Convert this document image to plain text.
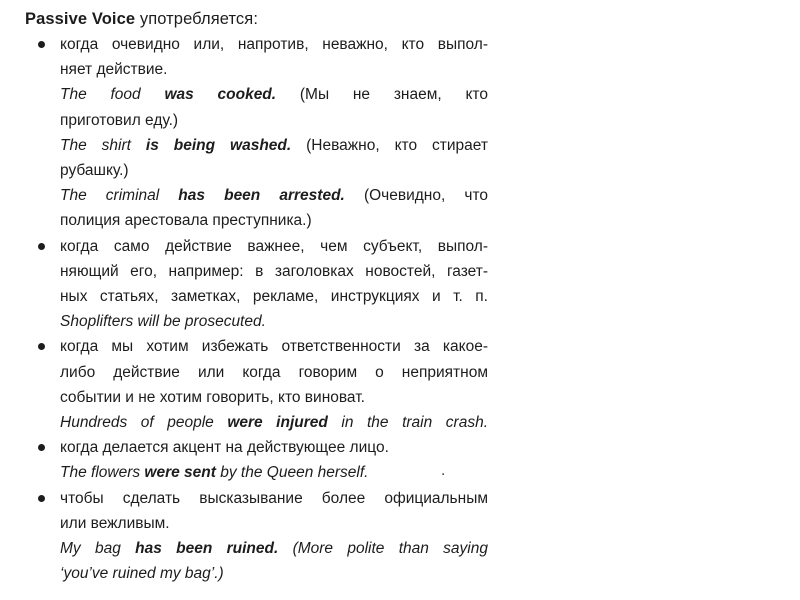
Passive Voice употребляется:
когда очевидно или, напротив, неважно, кто выпол-
няет действие.
The food was cooked. (Мы не знаем, кто
приготовил еду.)
The shirt is being washed. (Неважно, кто стирает
рубашку.)
The criminal has been arrested. (Очевидно, что
полиция арестовала преступника.)
когда само действие важнее, чем субъект, выпол-
няющий его, например: в заголовках новостей, газет-
ных статьях, заметках, рекламе, инструкциях и т. п.
Shoplifters will be prosecuted.
когда мы хотим избежать ответственности за какое-
либо действие или когда говорим о неприятном
событии и не хотим говорить, кто виноват.
Hundreds of people were injured in the train crash.
когда делается акцент на действующее лицо.
The flowers were sent by the Queen herself.
чтобы сделать высказывание более официальным
или вежливым.
My bag has been ruined. (More polite than saying
‘you’ve ruined my bag’.)
.
